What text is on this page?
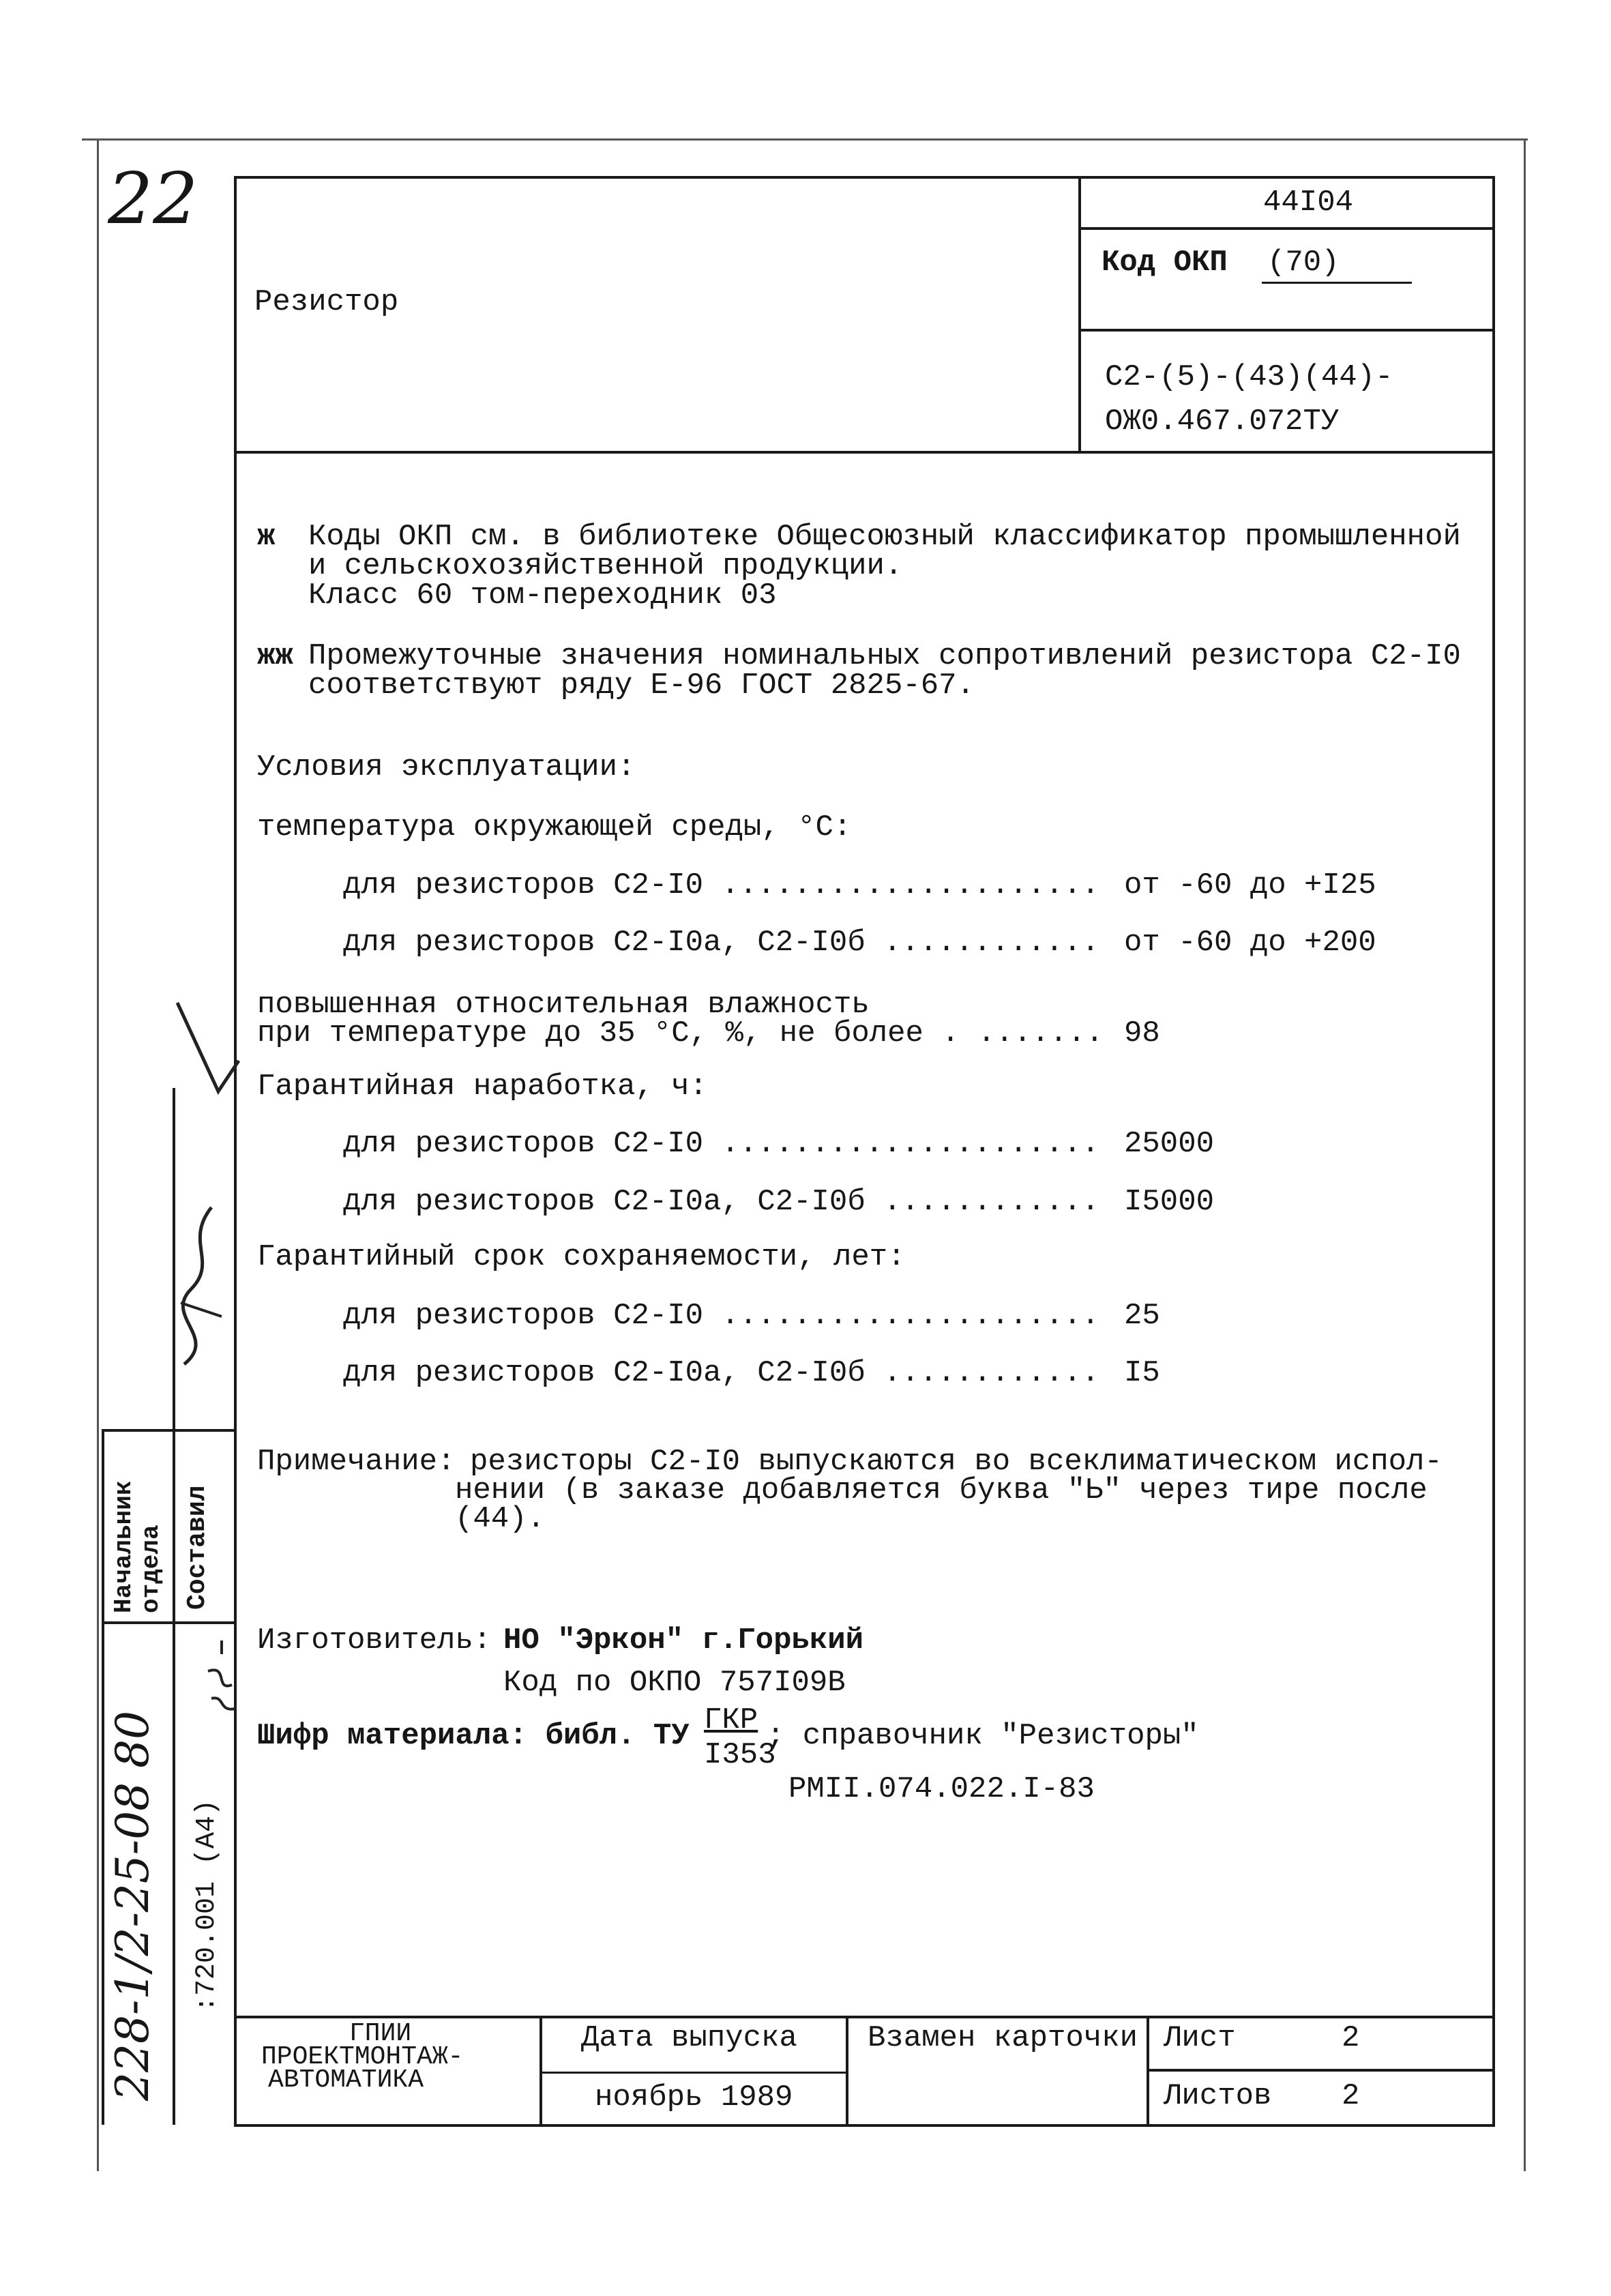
22
Резистор
44I04
Код ОКП (70)
С2-(5)-(43)(44)-
ОЖ0.467.072ТУ
ж Коды ОКП см. в библиотеке Общесоюзный классификатор промышленной
и сельскохозяйственной продукции.
Класс 60 том-переходник 03
жж Промежуточные значения номинальных сопротивлений резистора С2-I0
соответствуют ряду Е-96 ГОСТ 2825-67.
Условия эксплуатации:
температура окружающей среды, °С:
для резисторов С2-I0 ..................... от -60 до +I25
для резисторов С2-I0а, С2-I0б ............ от -60 до +200
повышенная относительная влажность
при температуре до 35 °С, %, не более . ....... 98
Гарантийная наработка, ч:
для резисторов С2-I0 ..................... 25000
для резисторов С2-I0а, С2-I0б ............ I5000
Гарантийный срок сохраняемости, лет:
для резисторов С2-I0 ..................... 25
для резисторов С2-I0а, С2-I0б ............ I5
Примечание: резисторы С2-I0 выпускаются во всеклиматическом испол-
нении (в заказе добавляется буква "Ь" через тире после
(44).
Изготовитель: НО "Эркон" г.Горький
Код по ОКПО 757I09В
Шифр материала: библ. ТУ ГКР
I353
; справочник "Резисторы"
РМII.074.022.I-83
Начальник отдела Составил
228-1/2-25-08 80 :720.001 (А4)
ГПИИ
ПРОЕКТМОНТАЖ-
АВТОМАТИКА
Дата выпуска
ноябрь 1989
Взамен карточки Лист	2
Листов 2
